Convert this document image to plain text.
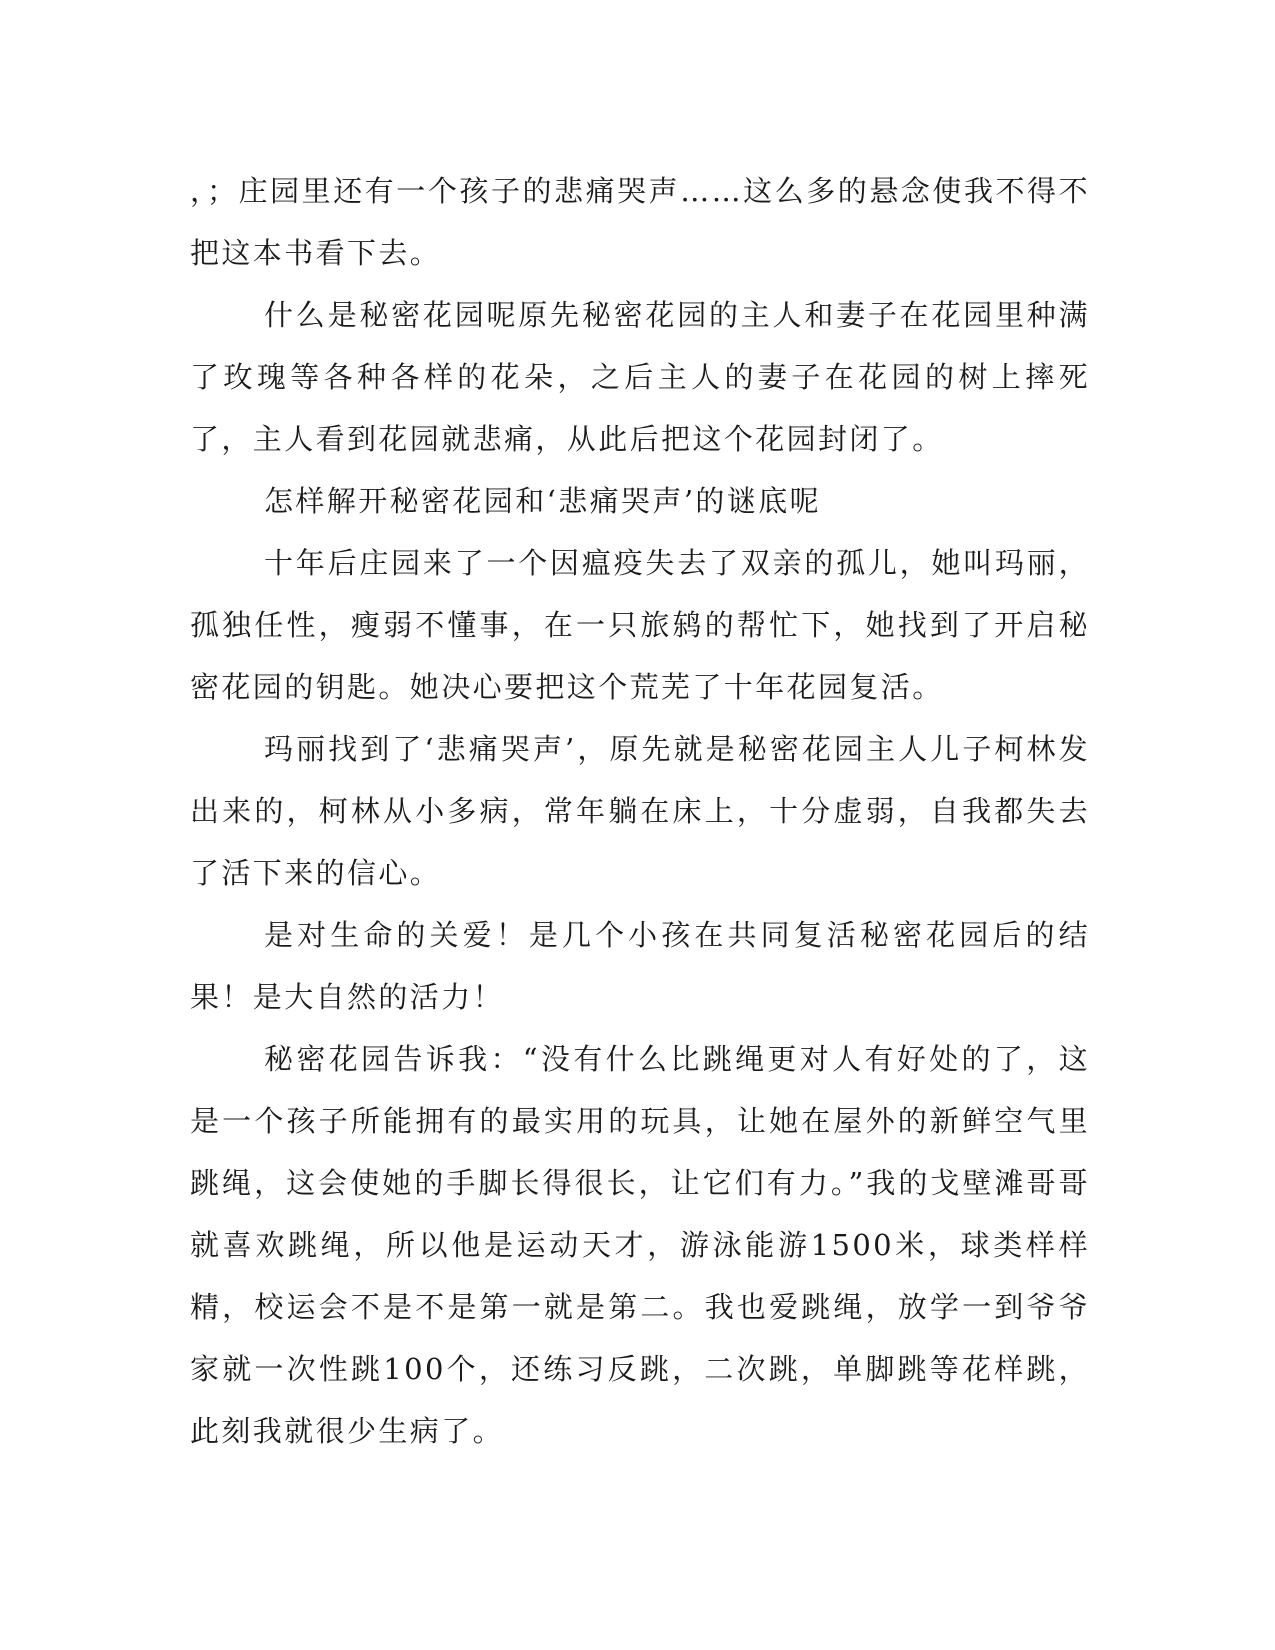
，；庄园里还有一个孩子的悲痛哭声……这么多的悬念使我不得不把这本书看下去。

什么是秘密花园呢原先秘密花园的主人和妻子在花园里种满了玫瑰等各种各样的花朵，之后主人的妻子在花园的树上摔死了，主人看到花园就悲痛，从此后把这个花园封闭了。

怎样解开秘密花园和‘悲痛哭声’的谜底呢

十年后庄园来了一个因瘟疫失去了双亲的孤儿，她叫玛丽，孤独任性，瘦弱不懂事，在一只旅鸫的帮忙下，她找到了开启秘密花园的钥匙。她决心要把这个荒芜了十年花园复活。

玛丽找到了‘悲痛哭声’，原先就是秘密花园主人儿子柯林发出来的，柯林从小多病，常年躺在床上，十分虚弱，自我都失去了活下来的信心。

是对生命的关爱！是几个小孩在共同复活秘密花园后的结果！是大自然的活力！

秘密花园告诉我：“没有什么比跳绳更对人有好处的了，这是一个孩子所能拥有的最实用的玩具，让她在屋外的新鲜空气里跳绳，这会使她的手脚长得很长，让它们有力。”我的戈壁滩哥哥就喜欢跳绳，所以他是运动天才，游泳能游1500米，球类样样精，校运会不是不是第一就是第二。我也爱跳绳，放学一到爷爷家就一次性跳100个，还练习反跳，二次跳，单脚跳等花样跳，此刻我就很少生病了。
